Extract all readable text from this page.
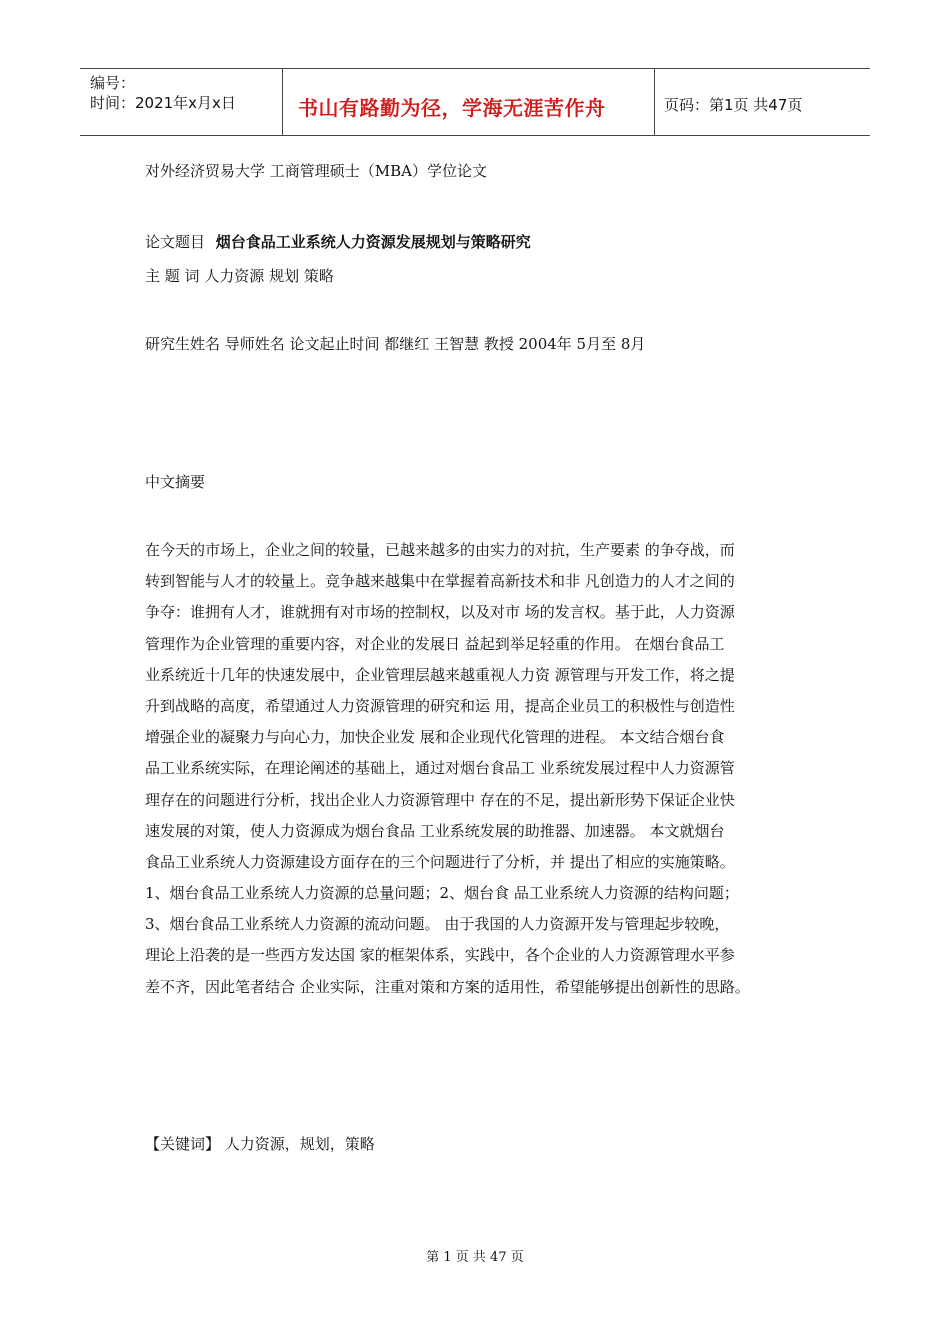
编号：
时间：2021年x月x日	书山有路勤为径，学海无涯苦作舟	页码：第1页 共47页
对外经济贸易大学 工商管理硕士（MBA）学位论文
论文题目 烟台食品工业系统人力资源发展规划与策略研究
主 题 词 人力资源 规划 策略
研究生姓名 导师姓名 论文起止时间 都继红 王智慧 教授 2004年 5月至 8月
中文摘要
在今天的市场上，企业之间的较量，已越来越多的由实力的对抗，生产要素 的争夺战，而
转到智能与人才的较量上。竞争越来越集中在掌握着高新技术和非 凡创造力的人才之间的
争夺：谁拥有人才，谁就拥有对市场的控制权，以及对市 场的发言权。基于此，人力资源
管理作为企业管理的重要内容，对企业的发展日 益起到举足轻重的作用。 在烟台食品工
业系统近十几年的快速发展中，企业管理层越来越重视人力资 源管理与开发工作，将之提
升到战略的高度，希望通过人力资源管理的研究和运 用，提高企业员工的积极性与创造性
增强企业的凝聚力与向心力，加快企业发 展和企业现代化管理的进程。 本文结合烟台食
品工业系统实际，在理论阐述的基础上，通过对烟台食品工 业系统发展过程中人力资源管
理存在的问题进行分析，找出企业人力资源管理中 存在的不足，提出新形势下保证企业快
速发展的对策，使人力资源成为烟台食品 工业系统发展的助推器、加速器。 本文就烟台
食品工业系统人力资源建设方面存在的三个问题进行了分析，并 提出了相应的实施策略。
1、烟台食品工业系统人力资源的总量问题；2、烟台食 品工业系统人力资源的结构问题；
3、烟台食品工业系统人力资源的流动问题。 由于我国的人力资源开发与管理起步较晚，
理论上沿袭的是一些西方发达国 家的框架体系，实践中，各个企业的人力资源管理水平参
差不齐，因此笔者结合 企业实际，注重对策和方案的适用性，希望能够提出创新性的思路。
【关键词】 人力资源，规划，策略
第 1 页 共 47 页
